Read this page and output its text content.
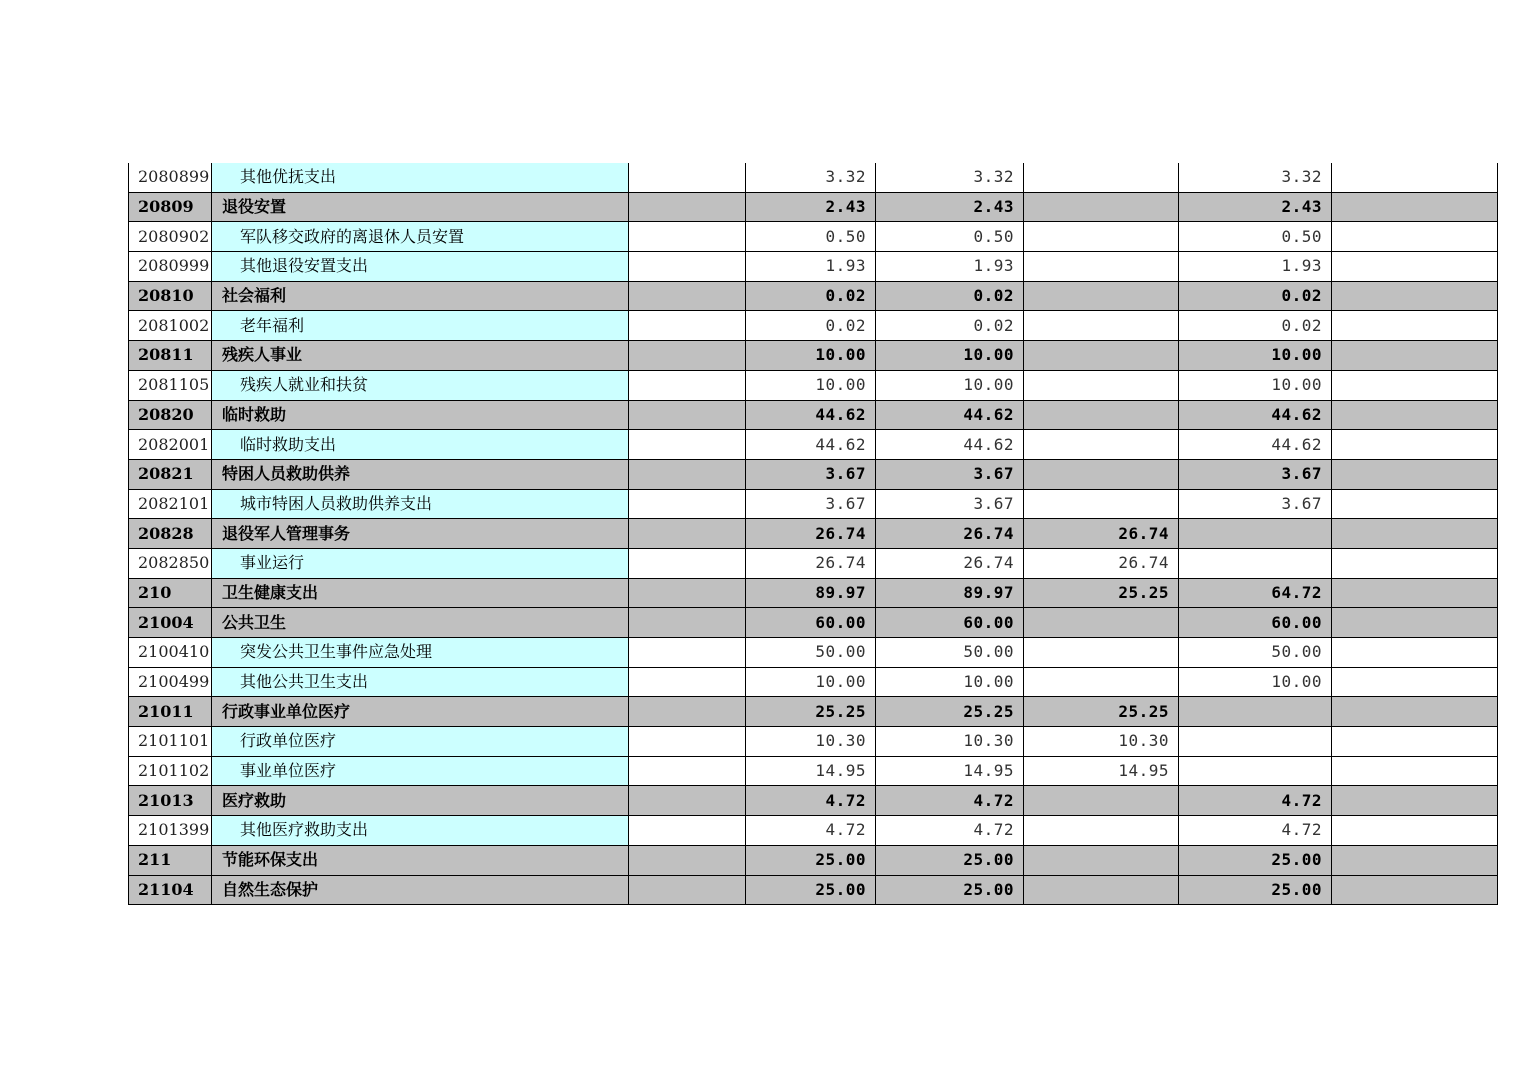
2080899	其他优抚支出		3.32	3.32		3.32	
20809	退役安置		2.43	2.43		2.43	
2080902	军队移交政府的离退休人员安置		0.50	0.50		0.50	
2080999	其他退役安置支出		1.93	1.93		1.93	
20810	社会福利		0.02	0.02		0.02	
2081002	老年福利		0.02	0.02		0.02	
20811	残疾人事业		10.00	10.00		10.00	
2081105	残疾人就业和扶贫		10.00	10.00		10.00	
20820	临时救助		44.62	44.62		44.62	
2082001	临时救助支出		44.62	44.62		44.62	
20821	特困人员救助供养		3.67	3.67		3.67	
2082101	城市特困人员救助供养支出		3.67	3.67		3.67	
20828	退役军人管理事务		26.74	26.74	26.74		
2082850	事业运行		26.74	26.74	26.74		
210	卫生健康支出		89.97	89.97	25.25	64.72	
21004	公共卫生		60.00	60.00		60.00	
2100410	突发公共卫生事件应急处理		50.00	50.00		50.00	
2100499	其他公共卫生支出		10.00	10.00		10.00	
21011	行政事业单位医疗		25.25	25.25	25.25		
2101101	行政单位医疗		10.30	10.30	10.30		
2101102	事业单位医疗		14.95	14.95	14.95		
21013	医疗救助		4.72	4.72		4.72	
2101399	其他医疗救助支出		4.72	4.72		4.72	
211	节能环保支出		25.00	25.00		25.00	
21104	自然生态保护		25.00	25.00		25.00	
